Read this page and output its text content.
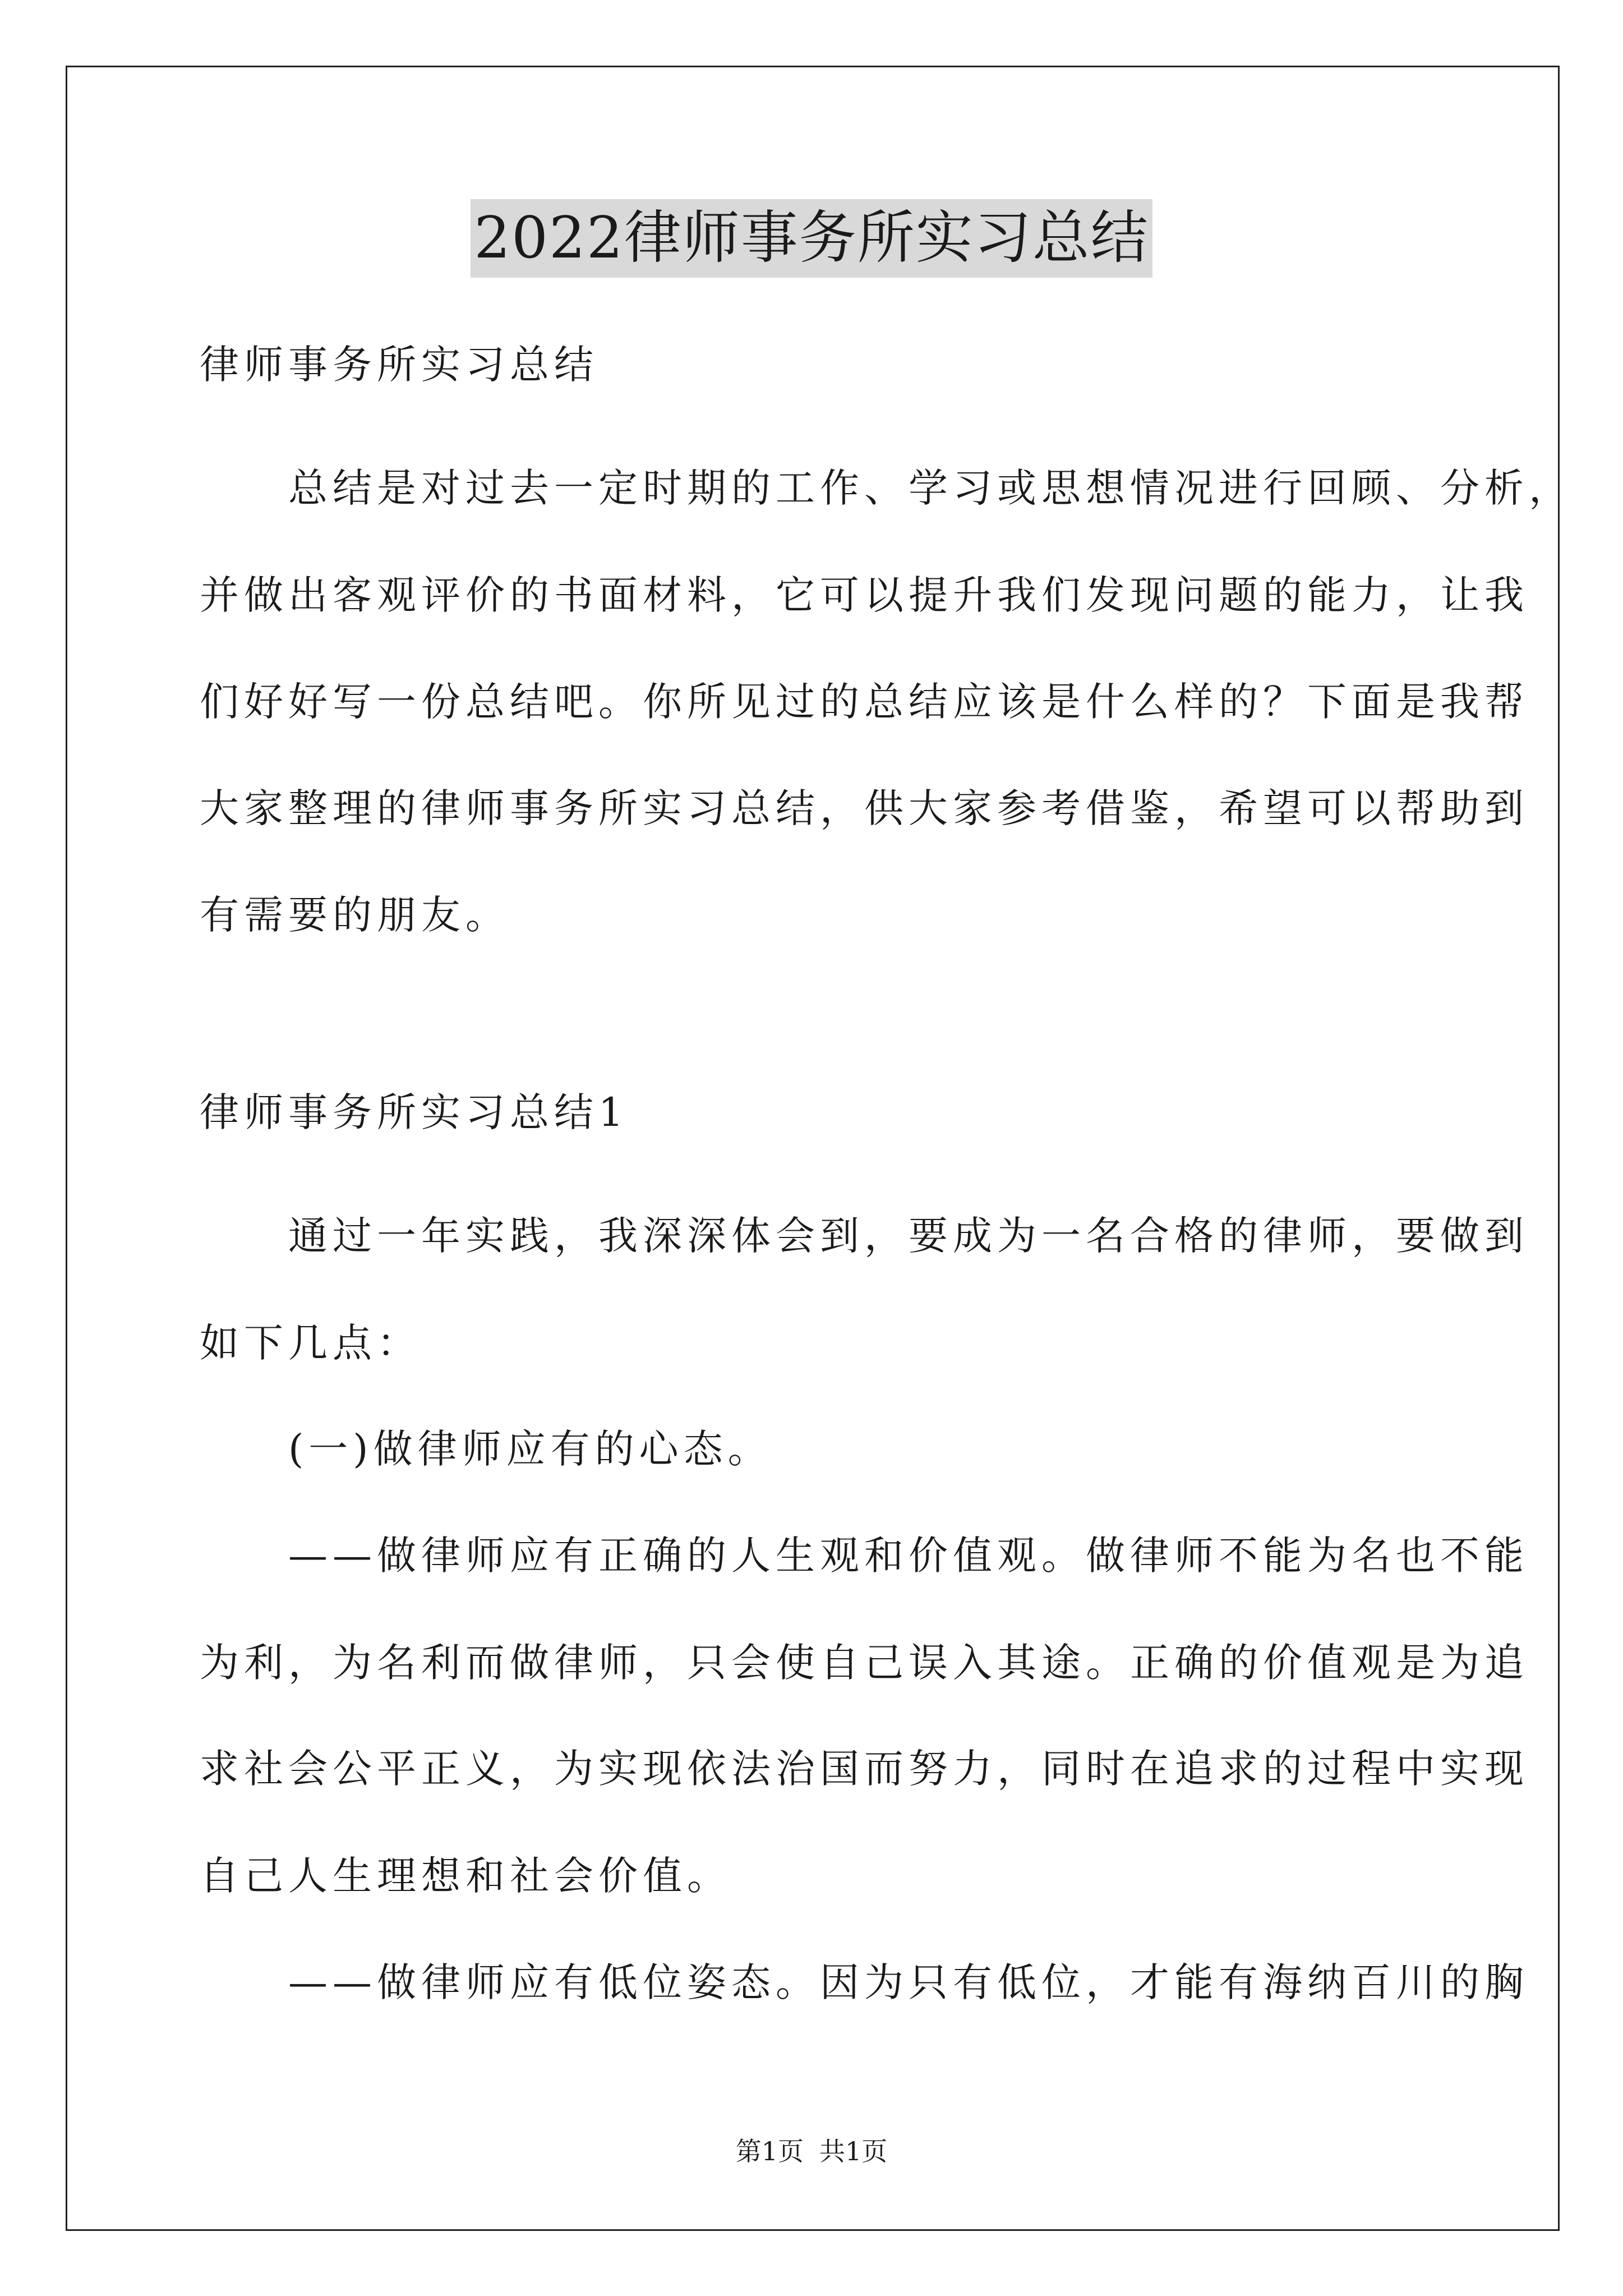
2022律师事务所实习总结
律师事务所实习总结
　　总结是对过去一定时期的工作、学习或思想情况进行回顾、分析，
并做出客观评价的书面材料，它可以提升我们发现问题的能力，让我
们好好写一份总结吧。你所见过的总结应该是什么样的？下面是我帮
大家整理的律师事务所实习总结，供大家参考借鉴，希望可以帮助到
有需要的朋友。
律师事务所实习总结1
　　通过一年实践，我深深体会到，要成为一名合格的律师，要做到
如下几点：
　　(一)做律师应有的心态。
　　——做律师应有正确的人生观和价值观。做律师不能为名也不能
为利，为名利而做律师，只会使自己误入其途。正确的价值观是为追
求社会公平正义，为实现依法治国而努力，同时在追求的过程中实现
自己人生理想和社会价值。
　　——做律师应有低位姿态。因为只有低位，才能有海纳百川的胸
第1页 共1页
